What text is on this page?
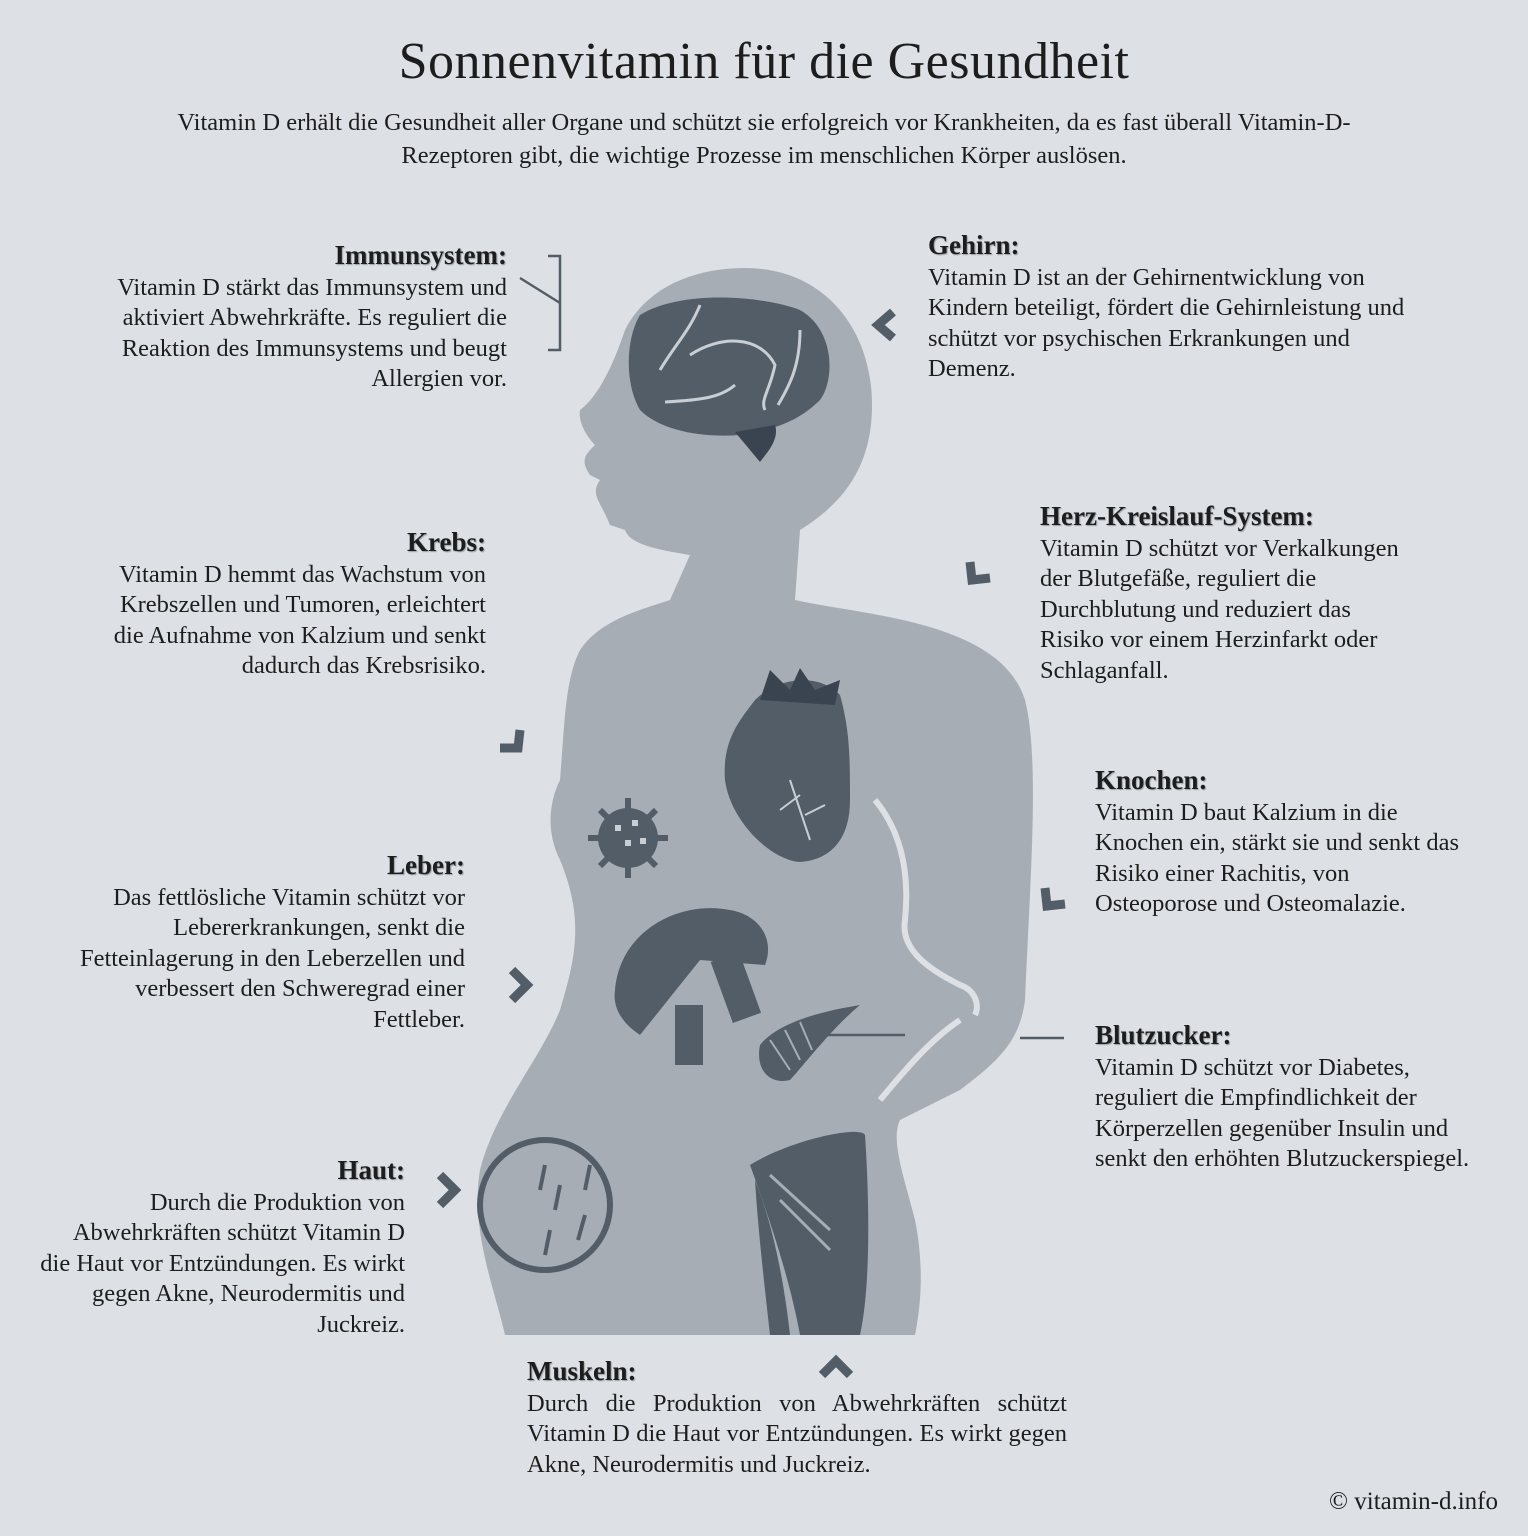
Sonnenvitamin für die Gesundheit
Vitamin D erhält die Gesundheit aller Organe und schützt sie erfolgreich vor Krankheiten, da es fast überall Vitamin-D-Rezeptoren gibt, die wichtige Prozesse im menschlichen Körper auslösen.
Immunsystem:

Vitamin D stärkt das Immunsystem und aktiviert Abwehrkräfte. Es reguliert die Reaktion des Immunsystems und beugt Allergien vor.

Gehirn:

Vitamin D ist an der Gehirnentwicklung von Kindern beteiligt, fördert die Gehirnleistung und schützt vor psychischen Erkrankungen und Demenz.

Krebs:

Vitamin D hemmt das Wachstum von Krebszellen und Tumoren, erleichtert die Aufnahme von Kalzium und senkt dadurch das Krebsrisiko.

Herz-Kreislauf-System:

Vitamin D schützt vor Verkalkungen der Blutgefäße, reguliert die Durchblutung und reduziert das Risiko vor einem Herzinfarkt oder Schlaganfall.

Knochen:

Vitamin D baut Kalzium in die Knochen ein, stärkt sie und senkt das Risiko einer Rachitis, von Osteoporose und Osteomalazie.

Leber:

Das fettlösliche Vitamin schützt vor Lebererkrankungen, senkt die Fetteinlagerung in den Leberzellen und verbessert den Schweregrad einer Fettleber.

Blutzucker:

Vitamin D schützt vor Diabetes, reguliert die Empfindlichkeit der Körperzellen gegenüber Insulin und senkt den erhöhten Blutzuckerspiegel.

Haut:

Durch die Produktion von Abwehrkräften schützt Vitamin D die Haut vor Entzündungen. Es wirkt gegen Akne, Neurodermitis und Juckreiz.

Muskeln:

Durch die Produktion von Abwehrkräften schützt Vitamin D die Haut vor Entzündungen. Es wirkt gegen Akne, Neurodermitis und Juckreiz.

© vitamin-d.info
